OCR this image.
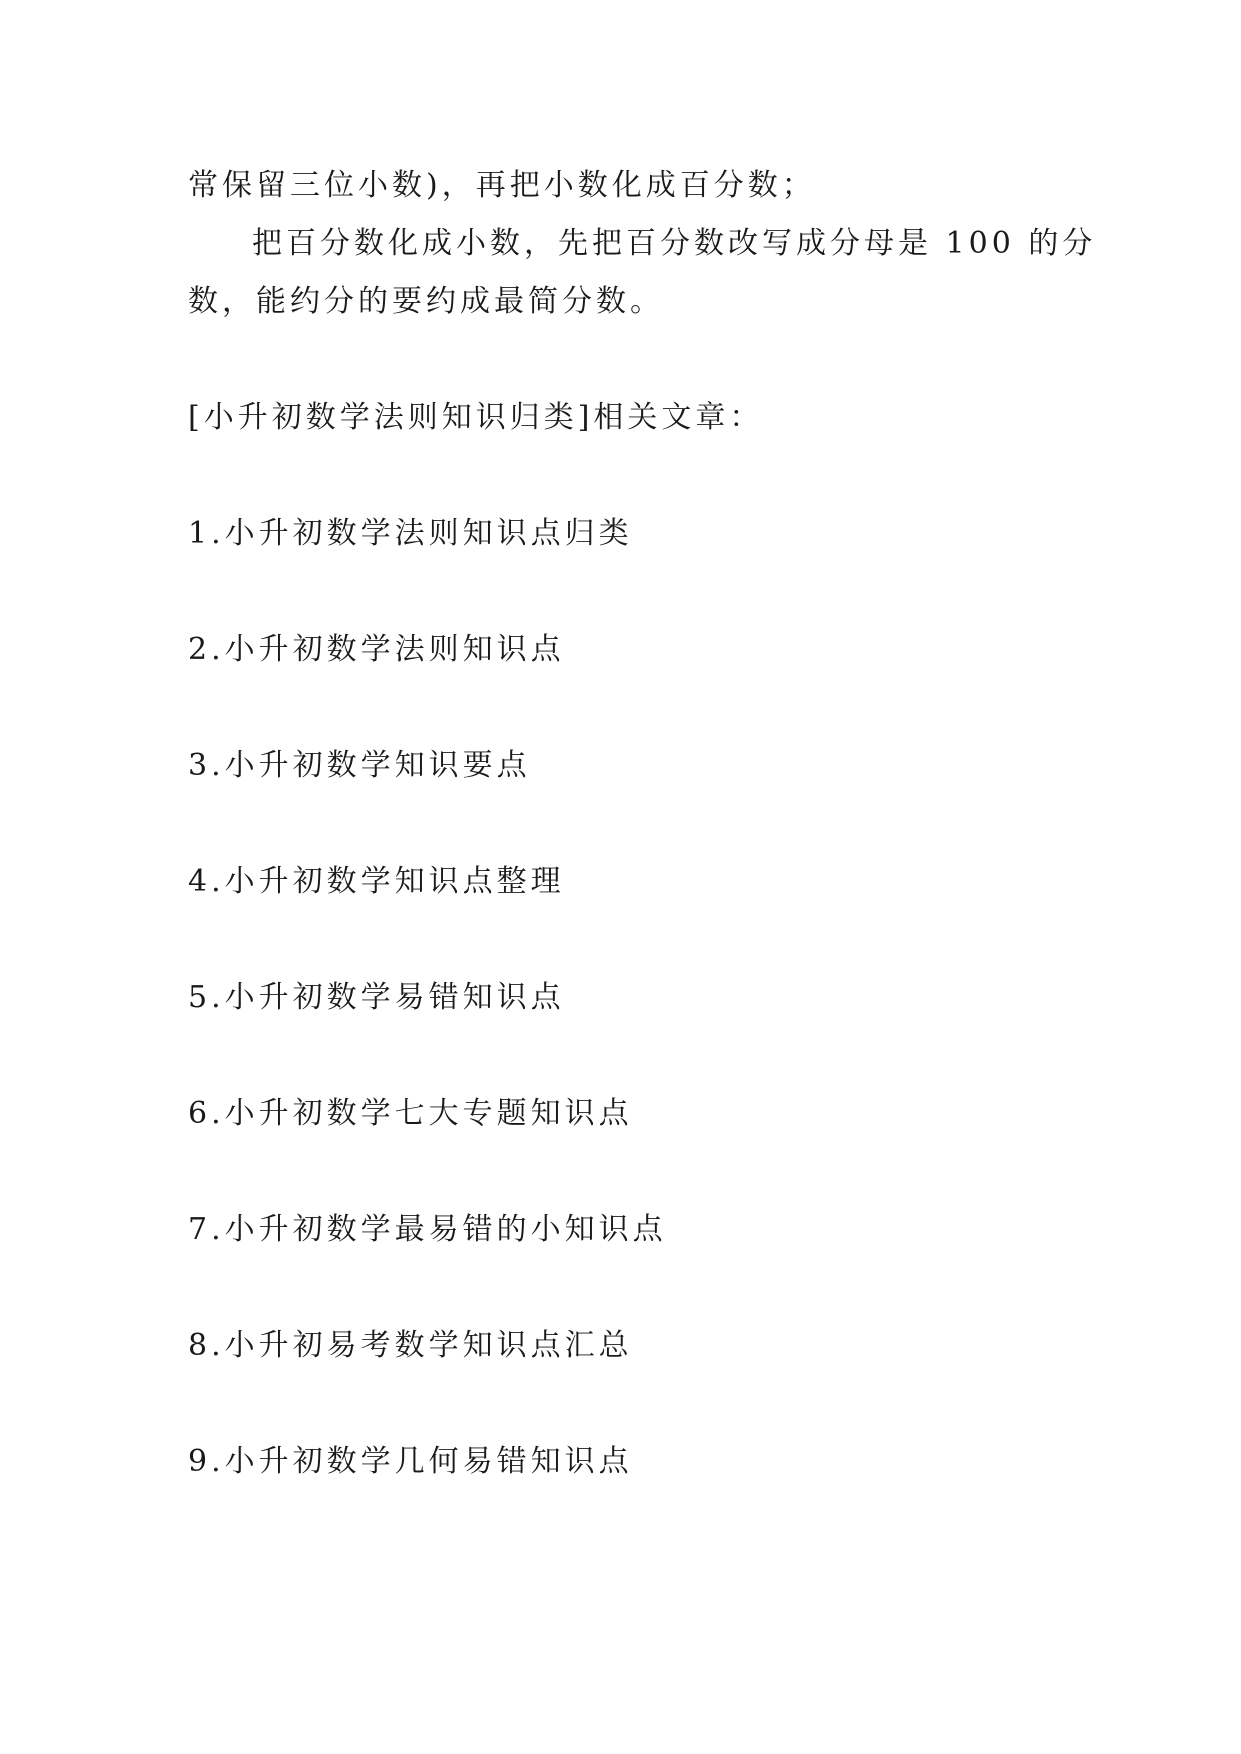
常保留三位小数)，再把小数化成百分数；

把百分数化成小数，先把百分数改写成分母是 100 的分

数，能约分的要约成最简分数。

[小升初数学法则知识归类]相关文章：

1.小升初数学法则知识点归类

2.小升初数学法则知识点

3.小升初数学知识要点

4.小升初数学知识点整理

5.小升初数学易错知识点

6.小升初数学七大专题知识点

7.小升初数学最易错的小知识点

8.小升初易考数学知识点汇总

9.小升初数学几何易错知识点
